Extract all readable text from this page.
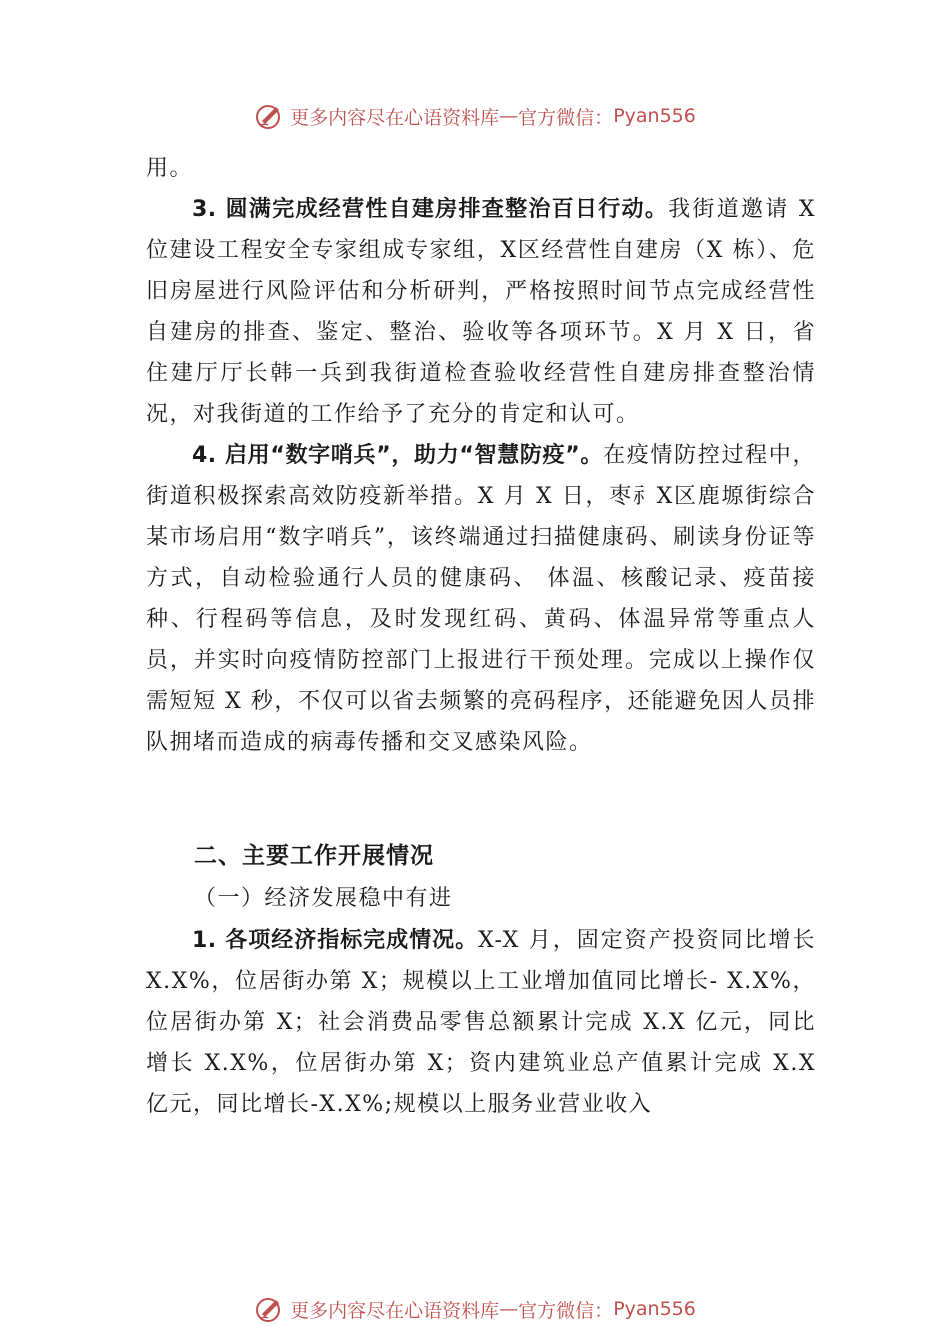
更多内容尽在心语资料库 — 官方微信： Pyan556

用。

3. 圆满完成经营性自建房排查整治百日行动。我街道邀请 X 位建设工程安全专家组成专家组，X区经营性自建房（X 栋）、危旧房屋进行风险评估和分析研判，严格按照时间节点完成经营性自建房的排查、鉴定、整治、验收等各项环节。X 月 X 日，省住建厅厅长韩一兵到我街道检查验收经营性自建房排查整治情况，对我街道的工作给予了充分的肯定和认可。

4. 启用“数字哨兵”，助力“智慧防疫”。在疫情防控过程中，街道积极探索高效防疫新举措。X 月 X 日，枣⺬X区鹿塬街综合某市场启用“数字哨兵”，该终端通过扫描健康码、刷读身份证等方式，自动检验通行人员的健康码、 体温、核酸记录、疫苗接种、行程码等信息，及时发现红码、黄码、体温异常等重点人员，并实时向疫情防控部门上报进行干预处理。完成以上操作仅需短短 X 秒，不仅可以省去频繁的亮码程序，还能避免因人员排队拥堵而造成的病毒传播和交叉感染风险。

二、主要工作开展情况
（一）经济发展稳中有进

1. 各项经济指标完成情况。X-X 月，固定资产投资同比增长 X.X%，位居街办第 X；规模以上工业增加值同比增长- X.X%，位居街办第 X；社会消费品零售总额累计完成 X.X 亿元，同比增长 X.X%，位居街办第 X；资内建筑业总产值累计完成 X.X 亿元，同比增长-X.X%;规模以上服务业营业收入

更多内容尽在心语资料库 — 官方微信： Pyan556
